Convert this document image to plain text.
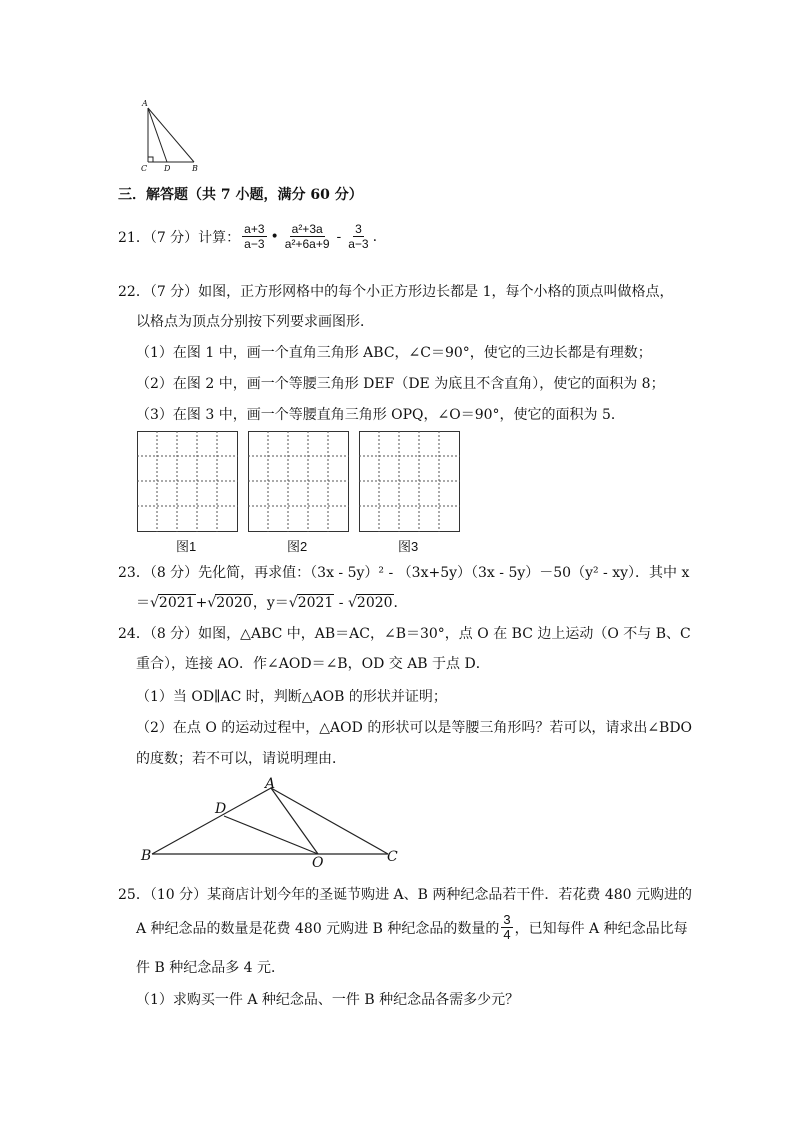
A
C D	B
三．解答题（共 7 小题，满分 60 分）
21．（7 分）计算： $\frac{a+3}{a-3}$ • $\frac{\text{a²+3a}}{\text{a²+6a+9}} - \frac{3}{a-3}$ .
22．（7 分）如图，正方形网格中的每个小正方形边长都是 1，每个小格的顶点叫做格点，
以格点为顶点分别按下列要求画图形．
（1）在图 1 中，画一个直角三角形 ABC，∠C＝90°，使它的三边长都是有理数；
（2）在图 2 中，画一个等腰三角形 DEF（DE 为底且不含直角），使它的面积为 8；
（3）在图 3 中，画一个等腰直角三角形 OPQ，∠O＝90°，使它的面积为 5．
图1	图2	图3
23．（8 分）先化简，再求值：（3x - 5y）² - （3x+5y）（3x - 5y）－50（y² - xy）．其中 x
＝√2021+√2020，y＝√2021 - √2020．
24．（8 分）如图，△ABC 中，AB＝AC，∠B＝30°，点 O 在 BC 边上运动（O 不与 B、C
重合），连接 AO．作∠AOD＝∠B，OD 交 AB 于点 D．
（1）当 OD∥AC 时，判断△AOB 的形状并证明；
（2）在点 O 的运动过程中，△AOD 的形状可以是等腰三角形吗？若可以，请求出∠BDO
的度数；若不可以，请说明理由．
A
D
B	O	C
25．（10 分）某商店计划今年的圣诞节购进 A、B 两种纪念品若干件．若花费 480 元购进的
A 种纪念品的数量是花费 480 元购进 B 种纪念品的数量的 $\frac{3}{4}$ ，已知每件 A 种纪念品比每
件 B 种纪念品多 4 元．
（1）求购买一件 A 种纪念品、一件 B 种纪念品各需多少元？
